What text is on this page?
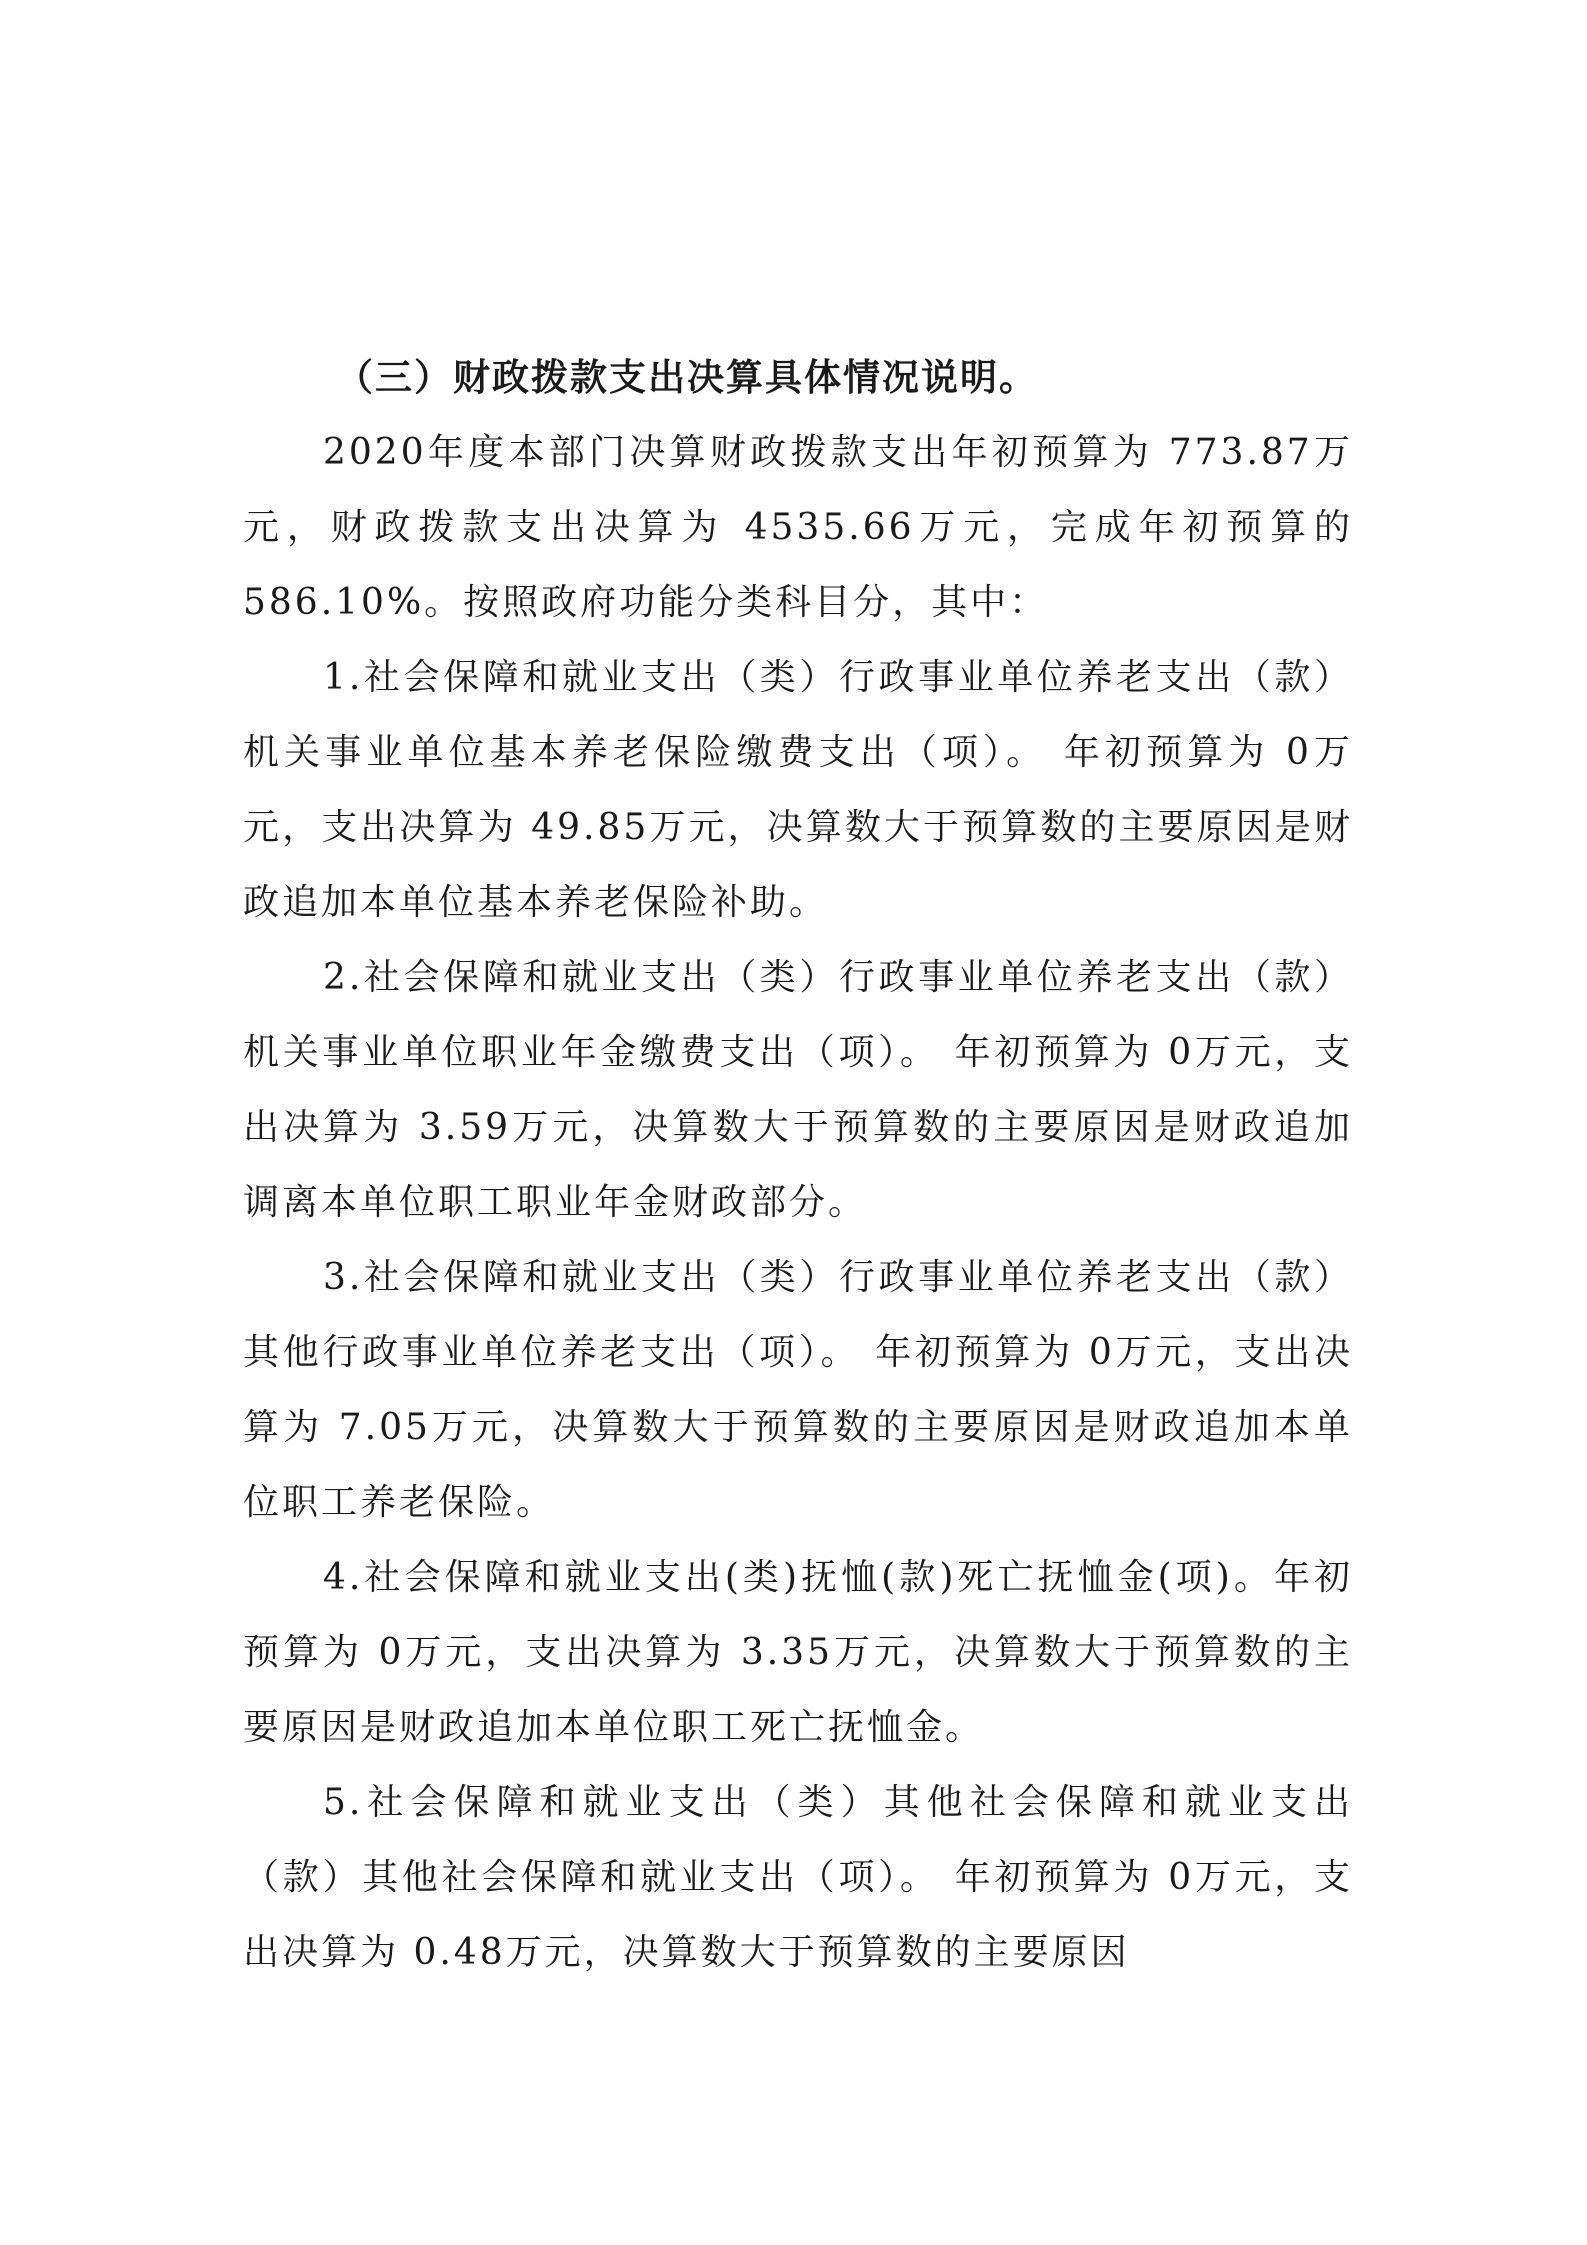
（三）财政拨款支出决算具体情况说明。

2020年度本部门决算财政拨款支出年初预算为 773.87万元，财政拨款支出决算为 4535.66万元，完成年初预算的586.10%。按照政府功能分类科目分，其中：

1.社会保障和就业支出（类）行政事业单位养老支出（款）机关事业单位基本养老保险缴费支出（项）。 年初预算为 0万元，支出决算为 49.85万元，决算数大于预算数的主要原因是财政追加本单位基本养老保险补助。

2.社会保障和就业支出（类）行政事业单位养老支出（款）机关事业单位职业年金缴费支出（项）。 年初预算为 0万元，支出决算为 3.59万元，决算数大于预算数的主要原因是财政追加调离本单位职工职业年金财政部分。

3.社会保障和就业支出（类）行政事业单位养老支出（款）其他行政事业单位养老支出（项）。 年初预算为 0万元，支出决算为 7.05万元，决算数大于预算数的主要原因是财政追加本单位职工养老保险。

4.社会保障和就业支出(类)抚恤(款)死亡抚恤金(项)。年初预算为 0万元，支出决算为 3.35万元，决算数大于预算数的主要原因是财政追加本单位职工死亡抚恤金。

5.社会保障和就业支出（类）其他社会保障和就业支出（款）其他社会保障和就业支出（项）。 年初预算为 0万元，支出决算为 0.48万元，决算数大于预算数的主要原因
